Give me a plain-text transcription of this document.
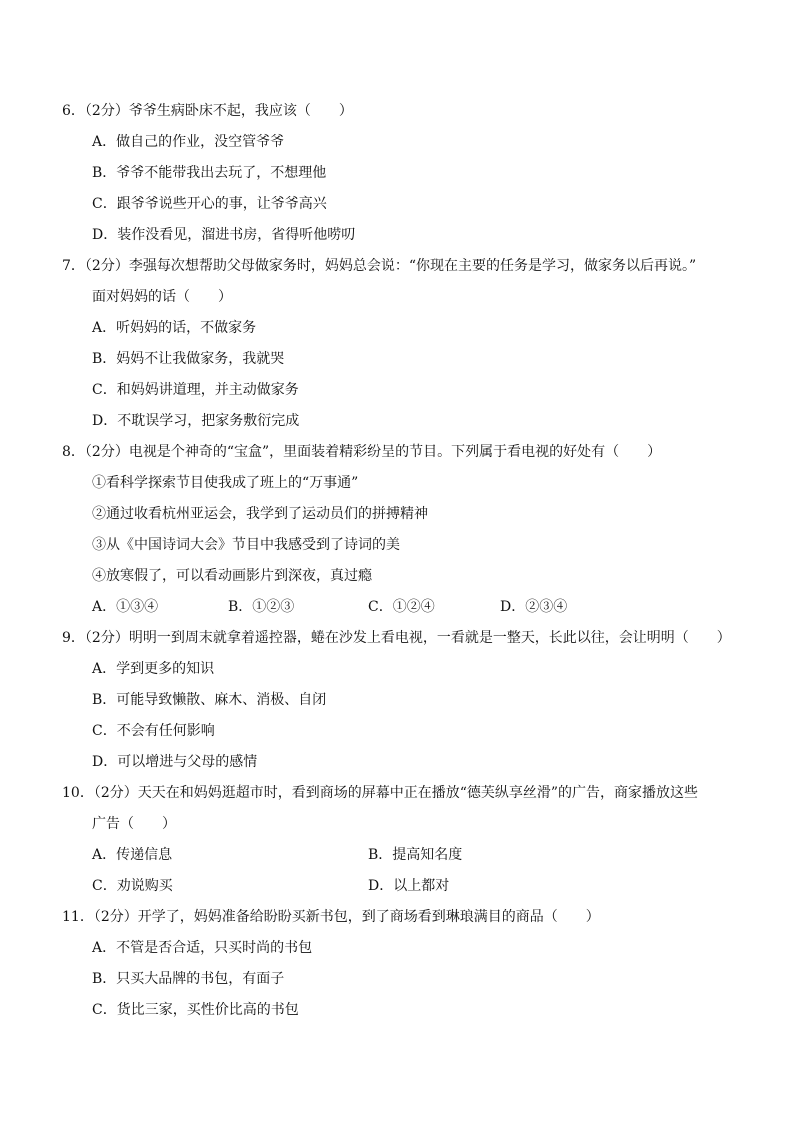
6．（2分）爷爷生病卧床不起，我应该（　　）
A．做自己的作业，没空管爷爷
B．爷爷不能带我出去玩了，不想理他
C．跟爷爷说些开心的事，让爷爷高兴
D．装作没看见，溜进书房，省得听他唠叨
7．（2分）李强每次想帮助父母做家务时，妈妈总会说：“你现在主要的任务是学习，做家务以后再说。”
面对妈妈的话（　　）
A．听妈妈的话，不做家务
B．妈妈不让我做家务，我就哭
C．和妈妈讲道理，并主动做家务
D．不耽误学习，把家务敷衍完成
8．（2分）电视是个神奇的“宝盒”，里面装着精彩纷呈的节目。下列属于看电视的好处有（　　）
①看科学探索节目使我成了班上的“万事通”
②通过收看杭州亚运会，我学到了运动员们的拼搏精神
③从《中国诗词大会》节目中我感受到了诗词的美
④放寒假了，可以看动画影片到深夜，真过瘾
A．①③④	B．①②③	C．①②④	D．②③④
9．（2分）明明一到周末就拿着遥控器，蜷在沙发上看电视，一看就是一整天，长此以往，会让明明（　　）
A．学到更多的知识
B．可能导致懒散、麻木、消极、自闭
C．不会有任何影响
D．可以增进与父母的感情
10．（2分）天天在和妈妈逛超市时，看到商场的屏幕中正在播放“德芙纵享丝滑”的广告，商家播放这些
广告（　　）
A．传递信息	B．提高知名度
C．劝说购买	D．以上都对
11．（2分）开学了，妈妈准备给盼盼买新书包，到了商场看到琳琅满目的商品（　　）
A．不管是否合适，只买时尚的书包
B．只买大品牌的书包，有面子
C．货比三家，买性价比高的书包
